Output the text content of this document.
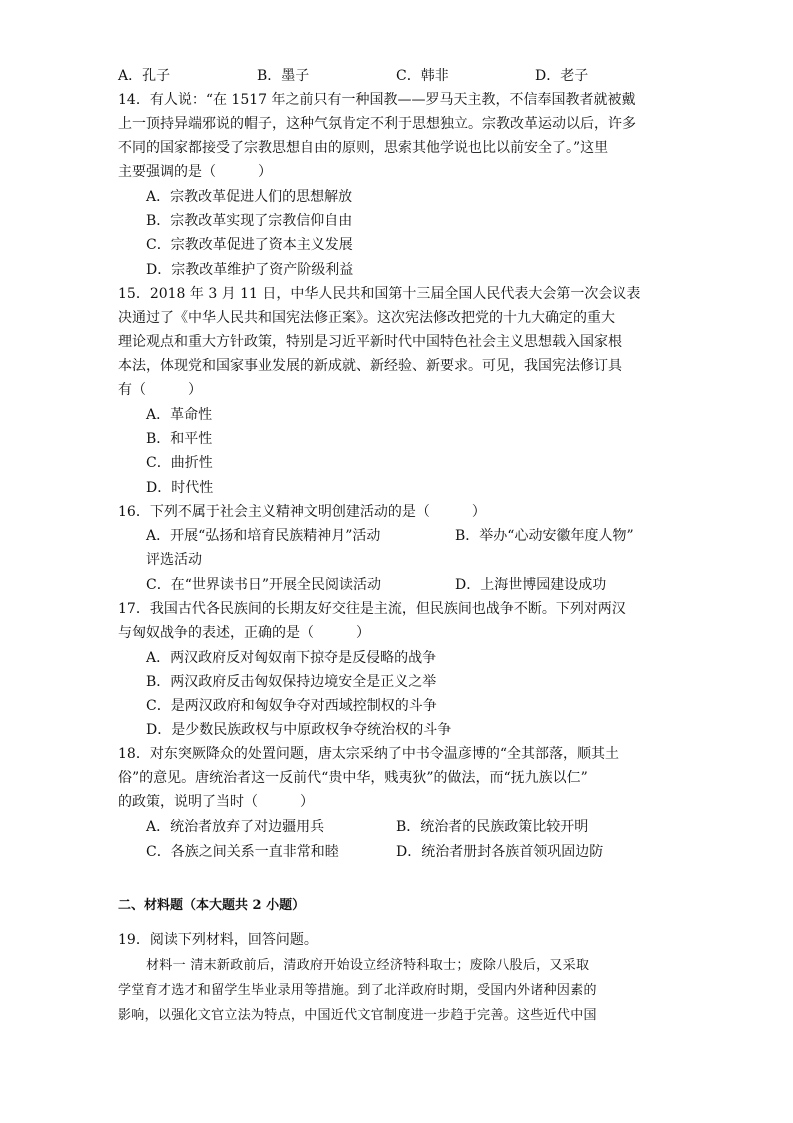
A．孔子	B．墨子	C．韩非	D．老子
14．有人说：“在 1517 年之前只有一种国教——罗马天主教，不信奉国教者就被戴
上一顶持异端邪说的帽子，这种气氛肯定不利于思想独立。宗教改革运动以后，许多
不同的国家都接受了宗教思想自由的原则，思索其他学说也比以前安全了。”这里
主要强调的是（　　　）
A．宗教改革促进人们的思想解放
B．宗教改革实现了宗教信仰自由
C．宗教改革促进了资本主义发展
D．宗教改革维护了资产阶级利益
15．2018 年 3 月 11 日，中华人民共和国第十三届全国人民代表大会第一次会议表
决通过了《中华人民共和国宪法修正案》。这次宪法修改把党的十九大确定的重大
理论观点和重大方针政策，特别是习近平新时代中国特色社会主义思想载入国家根
本法，体现党和国家事业发展的新成就、新经验、新要求。可见，我国宪法修订具
有（　　　）
A．革命性
B．和平性
C．曲折性
D．时代性
16．下列不属于社会主义精神文明创建活动的是（　　　）
A．开展“弘扬和培育民族精神月”活动	B．举办“心动安徽年度人物”
评选活动
C．在“世界读书日”开展全民阅读活动	D．上海世博园建设成功
17．我国古代各民族间的长期友好交往是主流，但民族间也战争不断。下列对两汉
与匈奴战争的表述，正确的是（　　　）
A．两汉政府反对匈奴南下掠夺是反侵略的战争
B．两汉政府反击匈奴保持边境安全是正义之举
C．是两汉政府和匈奴争夺对西域控制权的斗争
D．是少数民族政权与中原政权争夺统治权的斗争
18．对东突厥降众的处置问题，唐太宗采纳了中书令温彦博的“全其部落，顺其土
俗”的意见。唐统治者这一反前代“贵中华，贱夷狄”的做法，而“抚九族以仁”
的政策，说明了当时（　　　）
A．统治者放弃了对边疆用兵	B．统治者的民族政策比较开明
C．各族之间关系一直非常和睦	D．统治者册封各族首领巩固边防
二、材料题（本大题共 2 小题）
19．阅读下列材料，回答问题。
材料一 清末新政前后，清政府开始设立经济特科取士；废除八股后，又采取
学堂育才选才和留学生毕业录用等措施。到了北洋政府时期，受国内外诸种因素的
影响，以强化文官立法为特点，中国近代文官制度进一步趋于完善。这些近代中国
